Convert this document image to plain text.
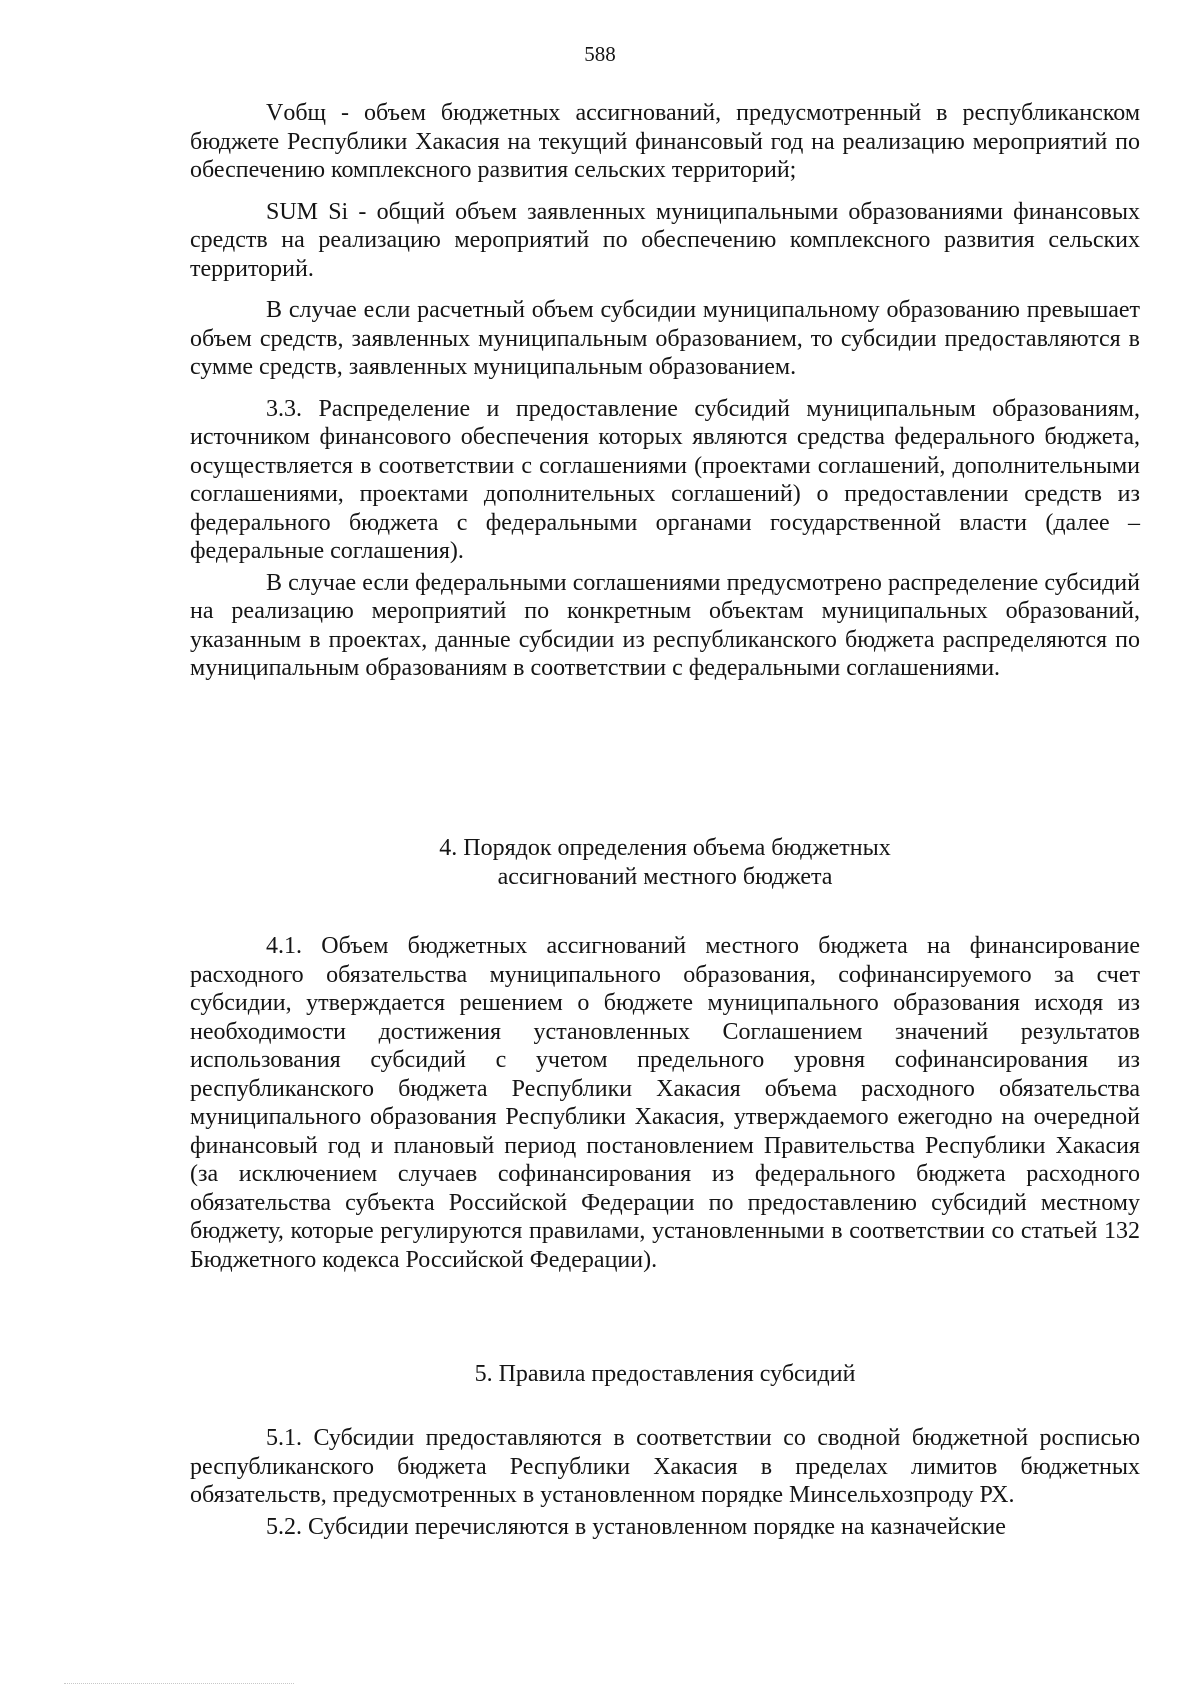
588

Vобщ - объем бюджетных ассигнований, предусмотренный в республиканском бюджете Республики Хакасия на текущий финансовый год на реализацию мероприятий по обеспечению комплексного развития сельских территорий;

SUM Si - общий объем заявленных муниципальными образованиями финансовых средств на реализацию мероприятий по обеспечению комплексного развития сельских территорий.

В случае если расчетный объем субсидии муниципальному образованию превышает объем средств, заявленных муниципальным образованием, то субсидии предоставляются в сумме средств, заявленных муниципальным образованием.

3.3. Распределение и предоставление субсидий муниципальным образованиям, источником финансового обеспечения которых являются средства федерального бюджета, осуществляется в соответствии с соглашениями (проектами соглашений, дополнительными соглашениями, проектами дополнительных соглашений) о предоставлении средств из федерального бюджета с федеральными органами государственной власти (далее – федеральные соглашения).

В случае если федеральными соглашениями предусмотрено распределение субсидий на реализацию мероприятий по конкретным объектам муниципальных образований, указанным в проектах, данные субсидии из республиканского бюджета распределяются по муниципальным образованиям в соответствии с федеральными соглашениями.

4. Порядок определения объема бюджетных
ассигнований местного бюджета

4.1. Объем бюджетных ассигнований местного бюджета на финансирование расходного обязательства муниципального образования, софинансируемого за счет субсидии, утверждается решением о бюджете муниципального образования исходя из необходимости достижения установленных Соглашением значений результатов использования субсидий с учетом предельного уровня софинансирования из республиканского бюджета Республики Хакасия объема расходного обязательства муниципального образования Республики Хакасия, утверждаемого ежегодно на очередной финансовый год и плановый период постановлением Правительства Республики Хакасия (за исключением случаев софинансирования из федерального бюджета расходного обязательства субъекта Российской Федерации по предоставлению субсидий местному бюджету, которые регулируются правилами, установленными в соответствии со статьей 132 Бюджетного кодекса Российской Федерации).

5. Правила предоставления субсидий

5.1. Субсидии предоставляются в соответствии со сводной бюджетной росписью республиканского бюджета Республики Хакасия в пределах лимитов бюджетных обязательств, предусмотренных в установленном порядке Минсельхозпроду РХ.

5.2. Субсидии перечисляются в установленном порядке на казначейские
